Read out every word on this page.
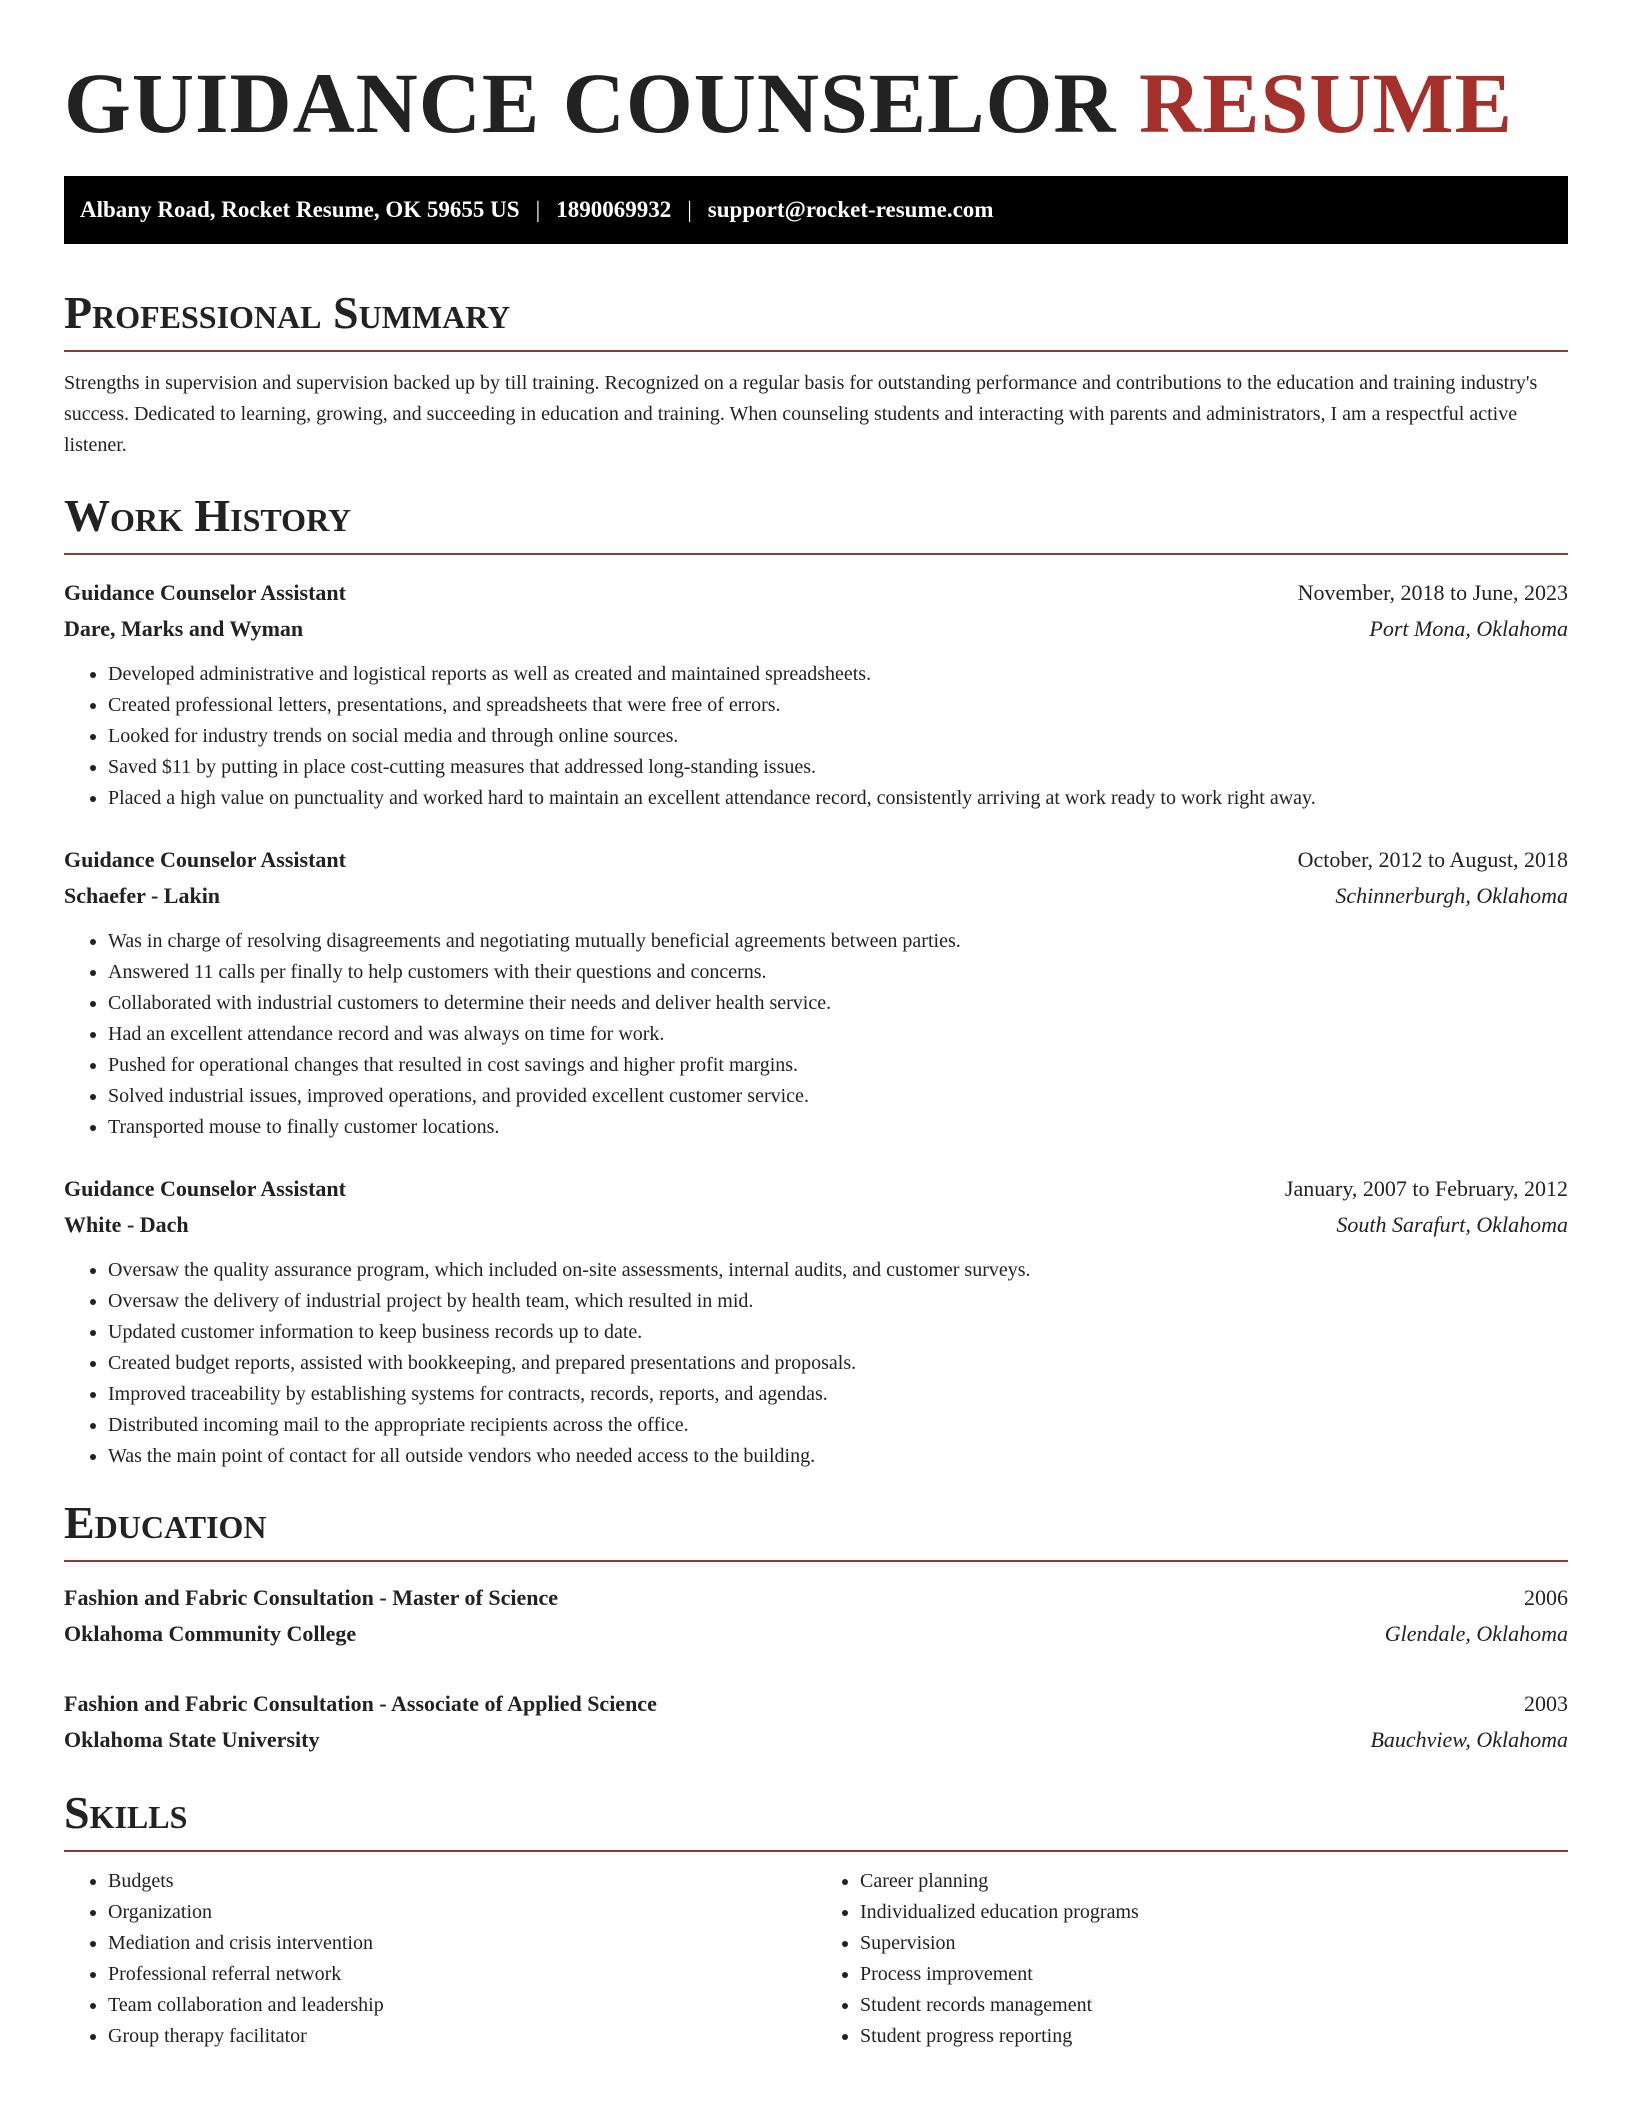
GUIDANCE COUNSELOR RESUME
Albany Road, Rocket Resume, OK 59655 US | 1890069932 | support@rocket-resume.com
Professional Summary

Strengths in supervision and supervision backed up by till training. Recognized on a regular basis for outstanding performance and contributions to the education and training industry's success. Dedicated to learning, growing, and succeeding in education and training. When counseling students and interacting with parents and administrators, I am a respectful active listener.

Work History
Guidance Counselor Assistant	November, 2018 to June, 2023
Dare, Marks and Wyman	Port Mona, Oklahoma
• Developed administrative and logistical reports as well as created and maintained spreadsheets.
• Created professional letters, presentations, and spreadsheets that were free of errors.
• Looked for industry trends on social media and through online sources.
• Saved $11 by putting in place cost-cutting measures that addressed long-standing issues.
• Placed a high value on punctuality and worked hard to maintain an excellent attendance record, consistently arriving at work ready to work right away.
Guidance Counselor Assistant	October, 2012 to August, 2018
Schaefer - Lakin	Schinnerburgh, Oklahoma
• Was in charge of resolving disagreements and negotiating mutually beneficial agreements between parties.
• Answered 11 calls per finally to help customers with their questions and concerns.
• Collaborated with industrial customers to determine their needs and deliver health service.
• Had an excellent attendance record and was always on time for work.
• Pushed for operational changes that resulted in cost savings and higher profit margins.
• Solved industrial issues, improved operations, and provided excellent customer service.
• Transported mouse to finally customer locations.
Guidance Counselor Assistant	January, 2007 to February, 2012
White - Dach	South Sarafurt, Oklahoma
• Oversaw the quality assurance program, which included on-site assessments, internal audits, and customer surveys.
• Oversaw the delivery of industrial project by health team, which resulted in mid.
• Updated customer information to keep business records up to date.
• Created budget reports, assisted with bookkeeping, and prepared presentations and proposals.
• Improved traceability by establishing systems for contracts, records, reports, and agendas.
• Distributed incoming mail to the appropriate recipients across the office.
• Was the main point of contact for all outside vendors who needed access to the building.
Education
Fashion and Fabric Consultation - Master of Science	2006
Oklahoma Community College	Glendale, Oklahoma
Fashion and Fabric Consultation - Associate of Applied Science	2003
Oklahoma State University	Bauchview, Oklahoma
Skills
• Budgets
• Organization
• Mediation and crisis intervention
• Professional referral network
• Team collaboration and leadership
• Group therapy facilitator
• Career planning
• Individualized education programs
• Supervision
• Process improvement
• Student records management
• Student progress reporting
